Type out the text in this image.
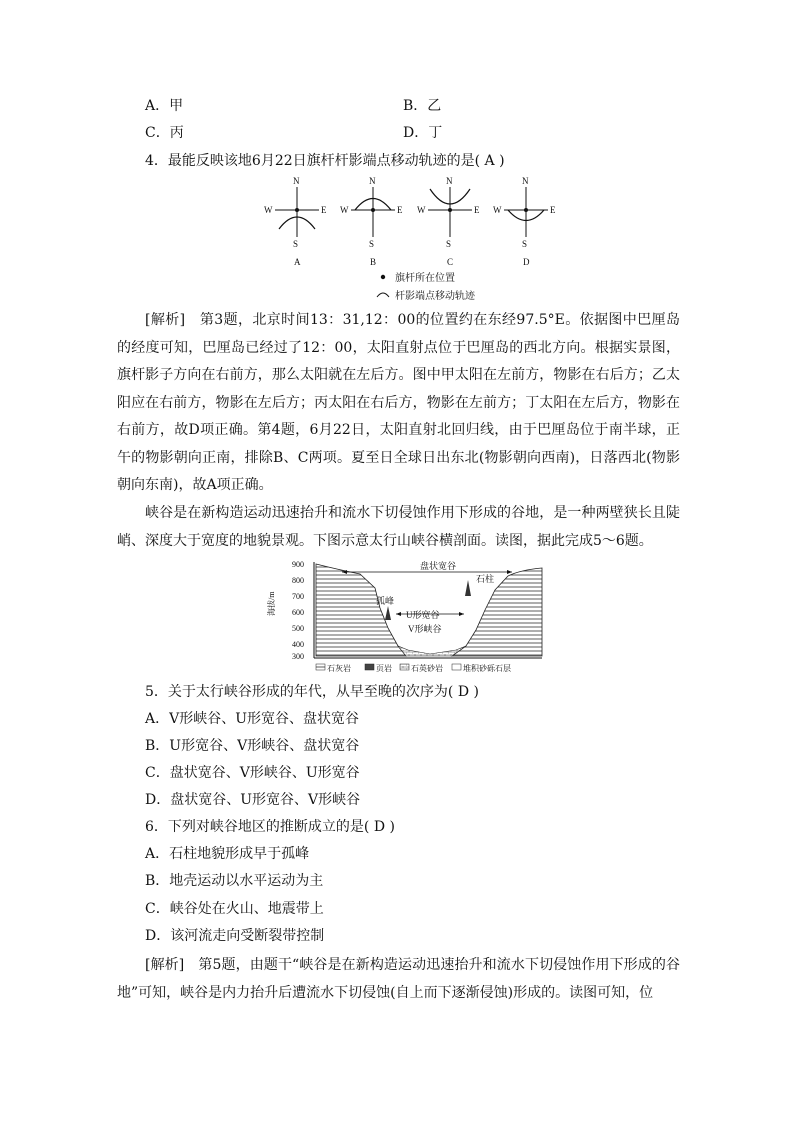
A．甲	B．乙
C．丙	D．丁
4．最能反映该地6月22日旗杆杆影端点移动轨迹的是( A )
N
S
W	E
A
N
S
W	E
B
N
S
W	E
C
N
S
W	E
D
旗杆所在位置
杆影端点移动轨迹
[解析]　第3题，北京时间13：31,12：00的位置约在东经97.5°E。依据图中巴厘岛的经度可知，巴厘岛已经过了12：00，太阳直射点位于巴厘岛的西北方向。根据实景图，旗杆影子方向在右前方，那么太阳就在左后方。图中甲太阳在左前方，物影在右后方；乙太阳应在右前方，物影在左后方；丙太阳在右后方，物影在左前方；丁太阳在左后方，物影在右前方，故D项正确。第4题，6月22日，太阳直射北回归线，由于巴厘岛位于南半球，正午的物影朝向正南，排除B、C两项。夏至日全球日出东北(物影朝向西南)，日落西北(物影朝向东南)，故A项正确。
峡谷是在新构造运动迅速抬升和流水下切侵蚀作用下形成的谷地，是一种两壁狭长且陡峭、深度大于宽度的地貌景观。下图示意太行山峡谷横剖面。读图，据此完成5～6题。
900
800
700
600
500
400
300
海拔/m
盘状宽谷
石柱
孤峰
U形宽谷
V形峡谷
石灰岩	页岩 石英砂岩	堆积砂砾石层
5．关于太行峡谷形成的年代，从早至晚的次序为( D )
A．V形峡谷、U形宽谷、盘状宽谷
B．U形宽谷、V形峡谷、盘状宽谷
C．盘状宽谷、V形峡谷、U形宽谷
D．盘状宽谷、U形宽谷、V形峡谷
6．下列对峡谷地区的推断成立的是( D )
A．石柱地貌形成早于孤峰
B．地壳运动以水平运动为主
C．峡谷处在火山、地震带上
D．该河流走向受断裂带控制
[解析]　第5题，由题干“峡谷是在新构造运动迅速抬升和流水下切侵蚀作用下形成的谷地”可知，峡谷是内力抬升后遭流水下切侵蚀(自上而下逐渐侵蚀)形成的。读图可知，位
